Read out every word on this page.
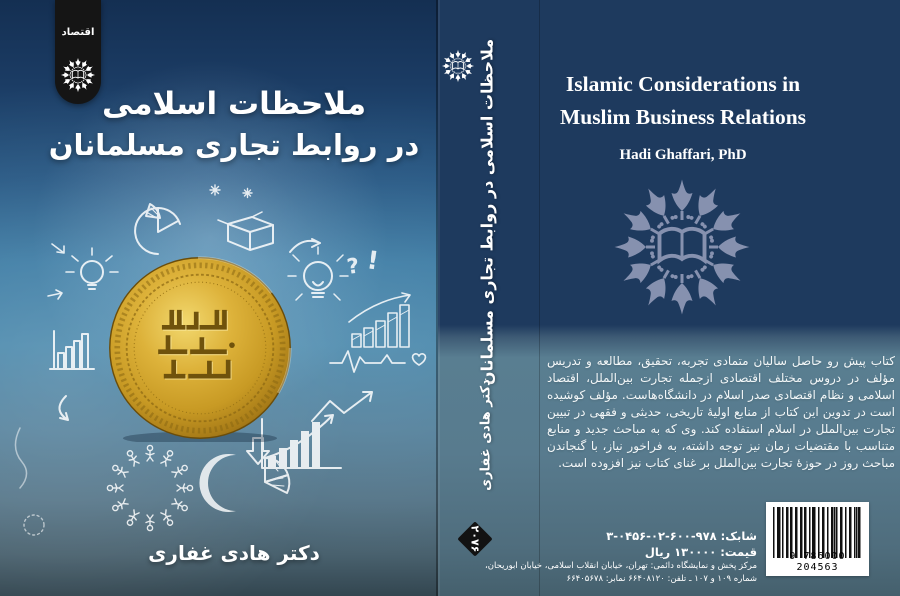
? !
اقتصاد
ملاحظات اسلامی
در روابط تجاری مسلمانان
دکتر هادی غفاری
ملاحظات اسلامی در روابط تجاری مسلمانان
دکتر هادی غفاری
۲۰۷۶
Islamic Considerations in
Muslim Business Relations
Hadi Ghaffari, PhD

کتاب پیش رو حاصل سالیان متمادی تجربه، تحقیق، مطالعه و تدریس مؤلف در دروس مختلف اقتصادی ازجمله تجارت بین‌الملل، اقتصاد اسلامی و نظام اقتصادی صدر اسلام در دانشگاه‌هاست. مؤلف کوشیده است در تدوین این کتاب از منابع اولیهٔ تاریخی، حدیثی و فقهی در تبیین تجارت بین‌الملل در اسلام استفاده کند. وی که به مباحث جدید و منابع متناسب با مقتضیات زمان نیز توجه داشته، به فراخور نیاز، با گنجاندن مباحث روز در حوزهٔ تجارت بین‌الملل بر غنای کتاب نیز افزوده است.

شابک: ۹۷۸-۶۰۰-۰۲-۰۴۵۶-۳
قیمت: ۱۳۰۰۰۰ ریال
مرکز پخش و نمایشگاه دائمی: تهران، خیابان انقلاب اسلامی، خیابان ابوریحان،
شماره ۱۰۹ و ۱۰۷ ـ تلفن: ۶۶۴۰۸۱۲۰ نمابر: ۶۶۴۰۵۶۷۸
9 786000 204563
